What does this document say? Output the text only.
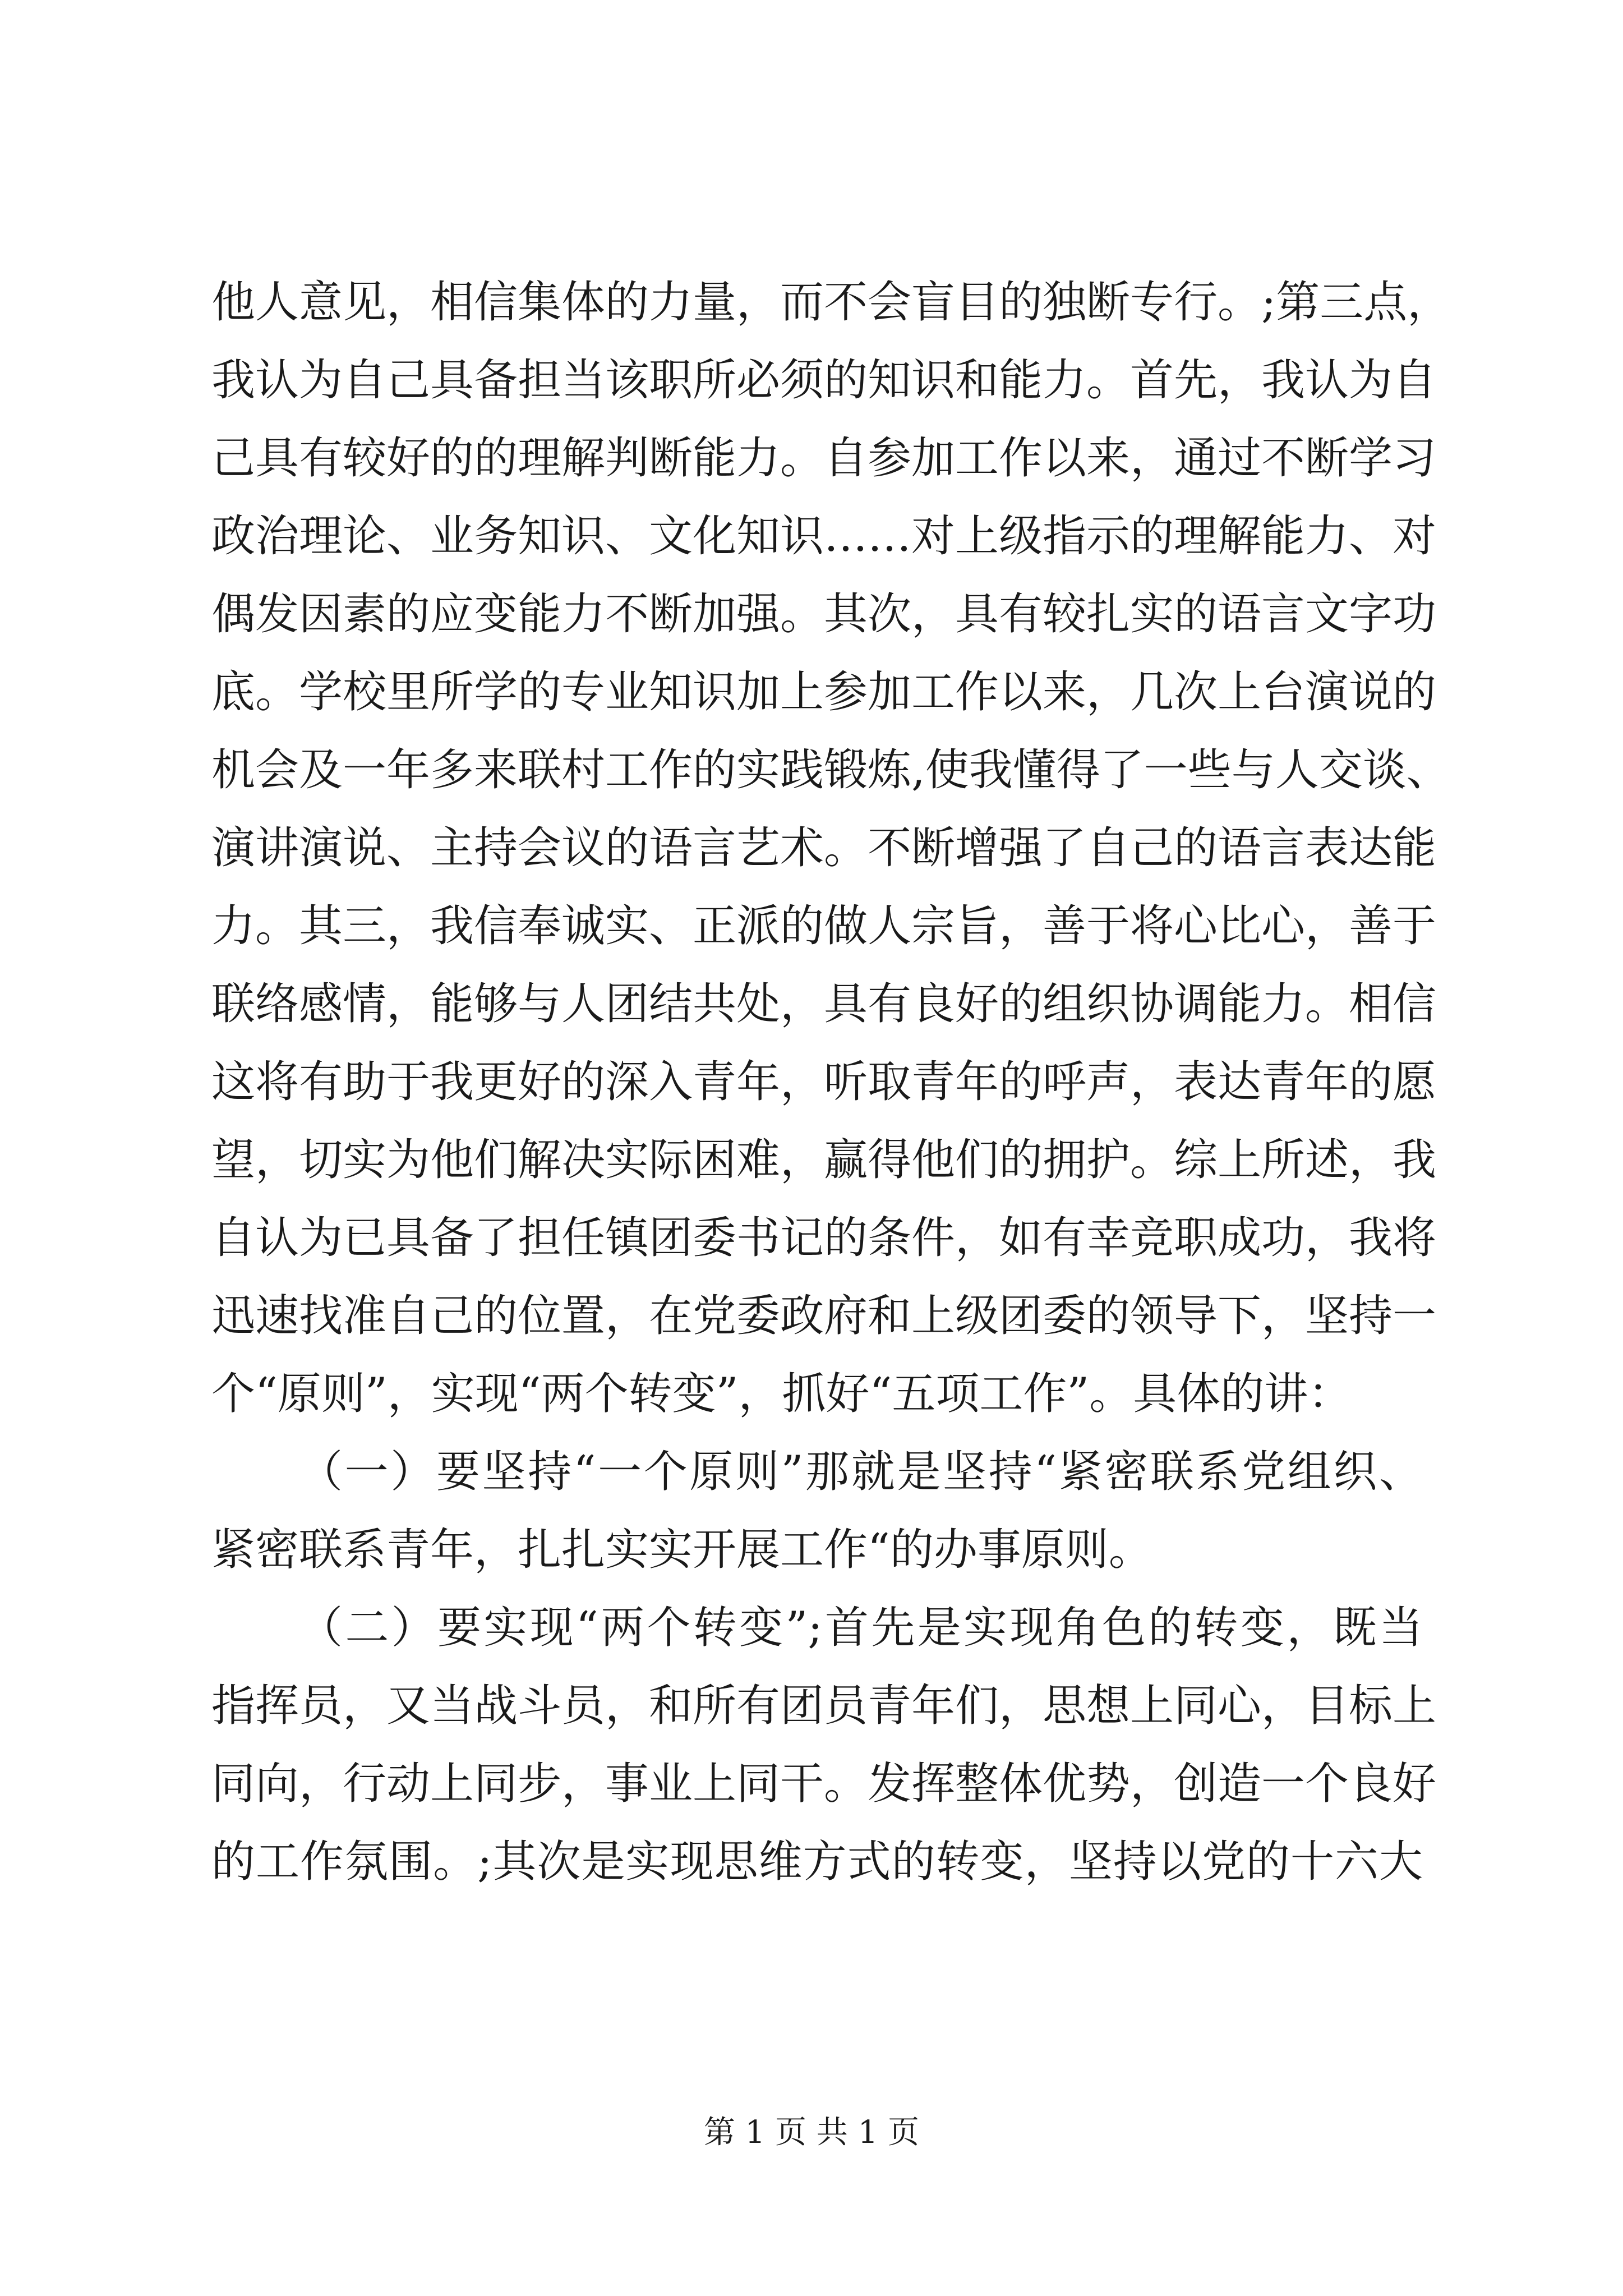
他人意见，相信集体的力量，而不会盲目的独断专行。;第三点，
我认为自己具备担当该职所必须的知识和能力。首先，我认为自
己具有较好的的理解判断能力。自参加工作以来，通过不断学习
政治理论、业务知识、文化知识……对上级指示的理解能力、对
偶发因素的应变能力不断加强。其次，具有较扎实的语言文字功
底。学校里所学的专业知识加上参加工作以来，几次上台演说的
机会及一年多来联村工作的实践锻炼,使我懂得了一些与人交谈、
演讲演说、主持会议的语言艺术。不断增强了自己的语言表达能
力。其三，我信奉诚实、正派的做人宗旨，善于将心比心，善于
联络感情，能够与人团结共处，具有良好的组织协调能力。相信
这将有助于我更好的深入青年，听取青年的呼声，表达青年的愿
望，切实为他们解决实际困难，赢得他们的拥护。综上所述，我
自认为已具备了担任镇团委书记的条件，如有幸竞职成功，我将
迅速找准自己的位置，在党委政府和上级团委的领导下，坚持一
个“原则”，实现“两个转变”，抓好“五项工作”。具体的讲：
（一）要坚持“一个原则”那就是坚持“紧密联系党组织、
紧密联系青年，扎扎实实开展工作“的办事原则。
（二）要实现“两个转变”;首先是实现角色的转变，既当
指挥员，又当战斗员，和所有团员青年们，思想上同心，目标上
同向，行动上同步，事业上同干。发挥整体优势，创造一个良好
的工作氛围。;其次是实现思维方式的转变，坚持以党的十六大
第 1 页 共 1 页
